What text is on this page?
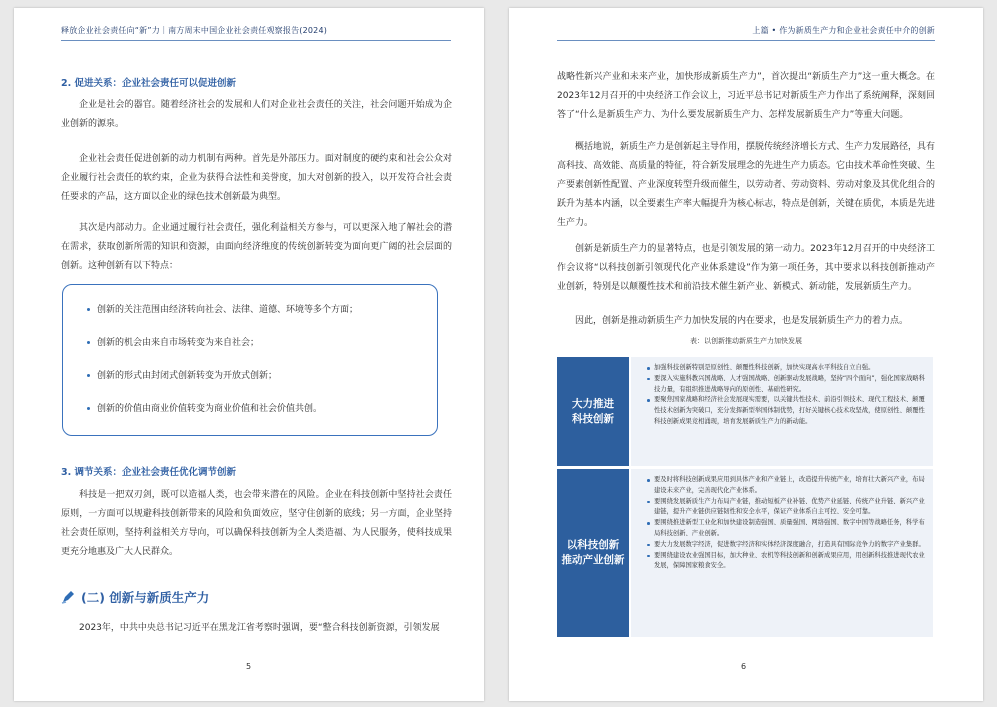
释放企业社会责任向“新”力｜南方周末中国企业社会责任观察报告(2024)
2. 促进关系：企业社会责任可以促进创新

企业是社会的器官。随着经济社会的发展和人们对企业社会责任的关注，社会问题开始成为企业创新的源泉。

企业社会责任促进创新的动力机制有两种。首先是外部压力。面对制度的硬约束和社会公众对企业履行社会责任的软约束，企业为获得合法性和美誉度，加大对创新的投入，以开发符合社会责任要求的产品，这方面以企业的绿色技术创新最为典型。

其次是内部动力。企业通过履行社会责任，强化利益相关方参与，可以更深入地了解社会的潜在需求，获取创新所需的知识和资源，由面向经济维度的传统创新转变为面向更广阔的社会层面的创新。这种创新有以下特点：

创新的关注范围由经济转向社会、法律、道德、环境等多个方面；
创新的机会由来自市场转变为来自社会；
创新的形式由封闭式创新转变为开放式创新；
创新的价值由商业价值转变为商业价值和社会价值共创。
3. 调节关系：企业社会责任优化调节创新

科技是一把双刃剑，既可以造福人类，也会带来潜在的风险。企业在科技创新中坚持社会责任原则，一方面可以规避科技创新带来的风险和负面效应，坚守住创新的底线；另一方面，企业坚持社会责任原则，坚持利益相关方导向，可以确保科技创新为全人类造福、为人民服务，使科技成果更充分地惠及广大人民群众。

(二) 创新与新质生产力

2023年，中共中央总书记习近平在黑龙江省考察时强调，要“整合科技创新资源，引领发展

5
上篇 • 作为新质生产力和企业社会责任中介的创新

战略性新兴产业和未来产业，加快形成新质生产力”，首次提出“新质生产力”这一重大概念。在2023年12月召开的中央经济工作会议上，习近平总书记对新质生产力作出了系统阐释，深刻回答了“什么是新质生产力、为什么要发展新质生产力、怎样发展新质生产力”等重大问题。

概括地说，新质生产力是创新起主导作用，摆脱传统经济增长方式、生产力发展路径，具有高科技、高效能、高质量的特征，符合新发展理念的先进生产力质态。它由技术革命性突破、生产要素创新性配置、产业深度转型升级而催生，以劳动者、劳动资料、劳动对象及其优化组合的跃升为基本内涵，以全要素生产率大幅提升为核心标志，特点是创新，关键在质优，本质是先进生产力。

创新是新质生产力的显著特点，也是引领发展的第一动力。2023年12月召开的中央经济工作会议将“以科技创新引领现代化产业体系建设”作为第一项任务，其中要求以科技创新推动产业创新，特别是以颠覆性技术和前沿技术催生新产业、新模式、新动能，发展新质生产力。

因此，创新是推动新质生产力加快发展的内在要求，也是发展新质生产力的着力点。

表：以创新推动新质生产力加快发展
大力推进
科技创新
加强科技创新特别是原创性、颠覆性科技创新，加快实现高水平科技自立自强。
要深入实施科教兴国战略、人才强国战略、创新驱动发展战略，坚持“四个面向”，强化国家战略科技力量，有组织推进战略导向的原创性、基础性研究。
要聚焦国家战略和经济社会发展现实需要，以关键共性技术、前沿引领技术、现代工程技术、颠覆性技术创新为突破口，充分发挥新型举国体制优势，打好关键核心技术攻坚战，使原创性、颠覆性科技创新成果竞相涌现，培育发展新质生产力的新动能。
以科技创新
推动产业创新
要及时将科技创新成果应用到具体产业和产业链上，改造提升传统产业，培育壮大新兴产业，布局建设未来产业，完善现代化产业体系。
要围绕发展新质生产力布局产业链，推动短板产业补链、优势产业延链、传统产业升链、新兴产业建链，提升产业链供应链韧性和安全水平，保证产业体系自主可控、安全可靠。
要围绕推进新型工业化和加快建设制造强国、质量强国、网络强国、数字中国等战略任务，科学布局科技创新、产业创新。
要大力发展数字经济，促进数字经济和实体经济深度融合，打造具有国际竞争力的数字产业集群。
要围绕建设农业强国目标，加大种业、农机等科技创新和创新成果应用，用创新科技推进现代农业发展，保障国家粮食安全。
6
